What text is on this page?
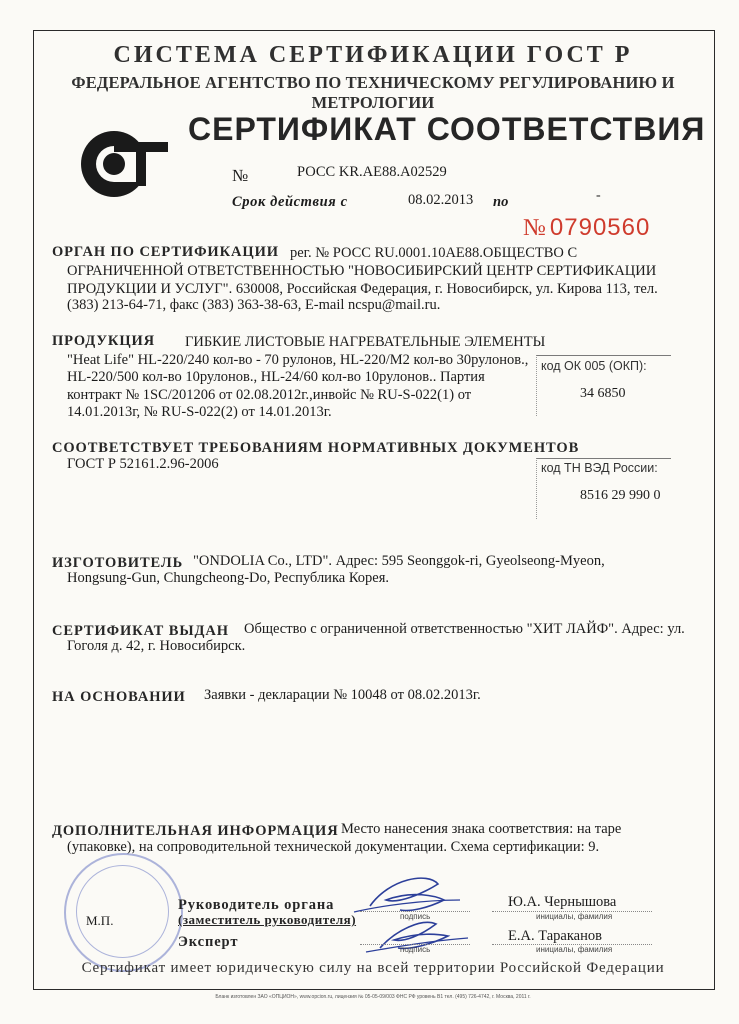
СИСТЕМА СЕРТИФИКАЦИИ ГОСТ Р
ФЕДЕРАЛЬНОЕ АГЕНТСТВО ПО ТЕХНИЧЕСКОМУ РЕГУЛИРОВАНИЮ И МЕТРОЛОГИИ
СЕРТИФИКАТ СООТВЕТСТВИЯ
№	РОСС KR.AE88.A02529
Срок действия с	08.02.2013 по	-
№ 0790560
ОРГАН ПО СЕРТИФИКАЦИИ рег. № РОСС RU.0001.10AE88.ОБЩЕСТВО С
ОГРАНИЧЕННОЙ ОТВЕТСТВЕННОСТЬЮ "НОВОСИБИРСКИЙ ЦЕНТР СЕРТИФИКАЦИИ
ПРОДУКЦИИ И УСЛУГ". 630008, Российская Федерация, г. Новосибирск, ул. Кирова 113, тел.
(383) 213-64-71, факс (383) 363-38-63, E-mail ncspu@mail.ru.
ПРОДУКЦИЯ ГИБКИЕ ЛИСТОВЫЕ НАГРЕВАТЕЛЬНЫЕ ЭЛЕМЕНТЫ
"Heat Life" HL-220/240 кол-во - 70 рулонов, HL-220/M2 кол-во 30рулонов.,
HL-220/500 кол-во 10рулонов., HL-24/60 кол-во 10рулонов.. Партия
контракт № 1SC/201206 от 02.08.2012г.,инвойс № RU-S-022(1) от
14.01.2013г, № RU-S-022(2) от 14.01.2013г.
код ОК 005 (ОКП):
34 6850
СООТВЕТСТВУЕТ ТРЕБОВАНИЯМ НОРМАТИВНЫХ ДОКУМЕНТОВ
ГОСТ Р 52161.2.96-2006	код ТН ВЭД России:
8516 29 990 0
ИЗГОТОВИТЕЛЬ "ONDOLIA Co., LTD". Адрес: 595 Seonggok-ri, Gyeolseong-Myeon,
Hongsung-Gun, Chungcheong-Do, Республика Корея.
СЕРТИФИКАТ ВЫДАН Общество с ограниченной ответственностью "ХИТ ЛАЙФ". Адрес: ул.
Гоголя д. 42, г. Новосибирск.
НА ОСНОВАНИИ Заявки - декларации № 10048 от 08.02.2013г.
ДОПОЛНИТЕЛЬНАЯ ИНФОРМАЦИЯ Место нанесения знака соответствия: на таре
(упаковке), на сопроводительной технической документации. Схема сертификации: 9.
М.П.
Руководитель органа
(заместитель руководителя)
Эксперт
подпись
Ю.А. Чернышова
инициалы, фамилия
подпись
Е.А. Тараканов
инициалы, фамилия
Сертификат имеет юридическую силу на всей территории Российской Федерации
Бланк изготовлен ЗАО «ОПЦИОН», www.opcion.ru, лицензия № 05-05-09/003 ФНС РФ уровень В1 тел. (495) 726-4742, г. Москва, 2011 г.
